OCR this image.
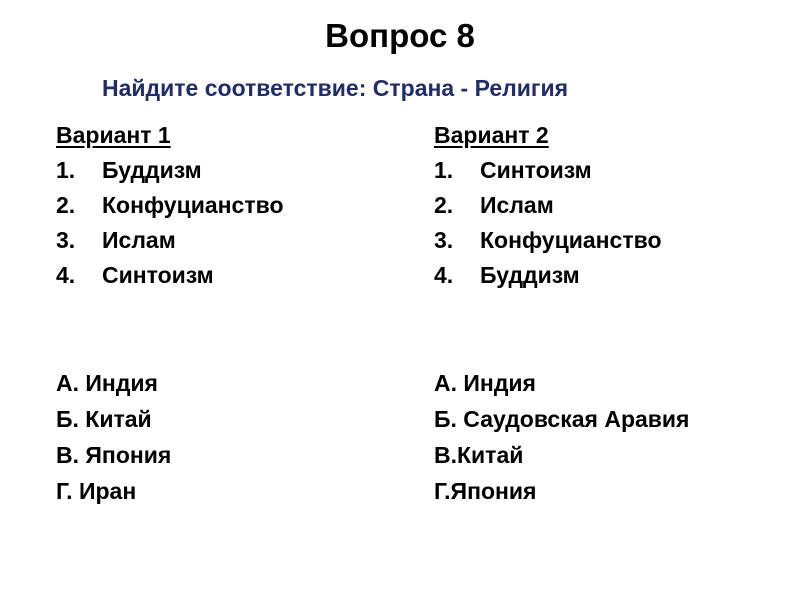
Вопрос 8
Найдите соответствие: Страна - Религия
Вариант 1
1. Буддизм
2. Конфуцианство
3. Ислам
4. Синтоизм
А. Индия
Б. Китай
В. Япония
Г. Иран
Вариант 2
1. Синтоизм
2. Ислам
3. Конфуцианство
4. Буддизм
А. Индия
Б. Саудовская Аравия
В.Китай
Г.Япония
